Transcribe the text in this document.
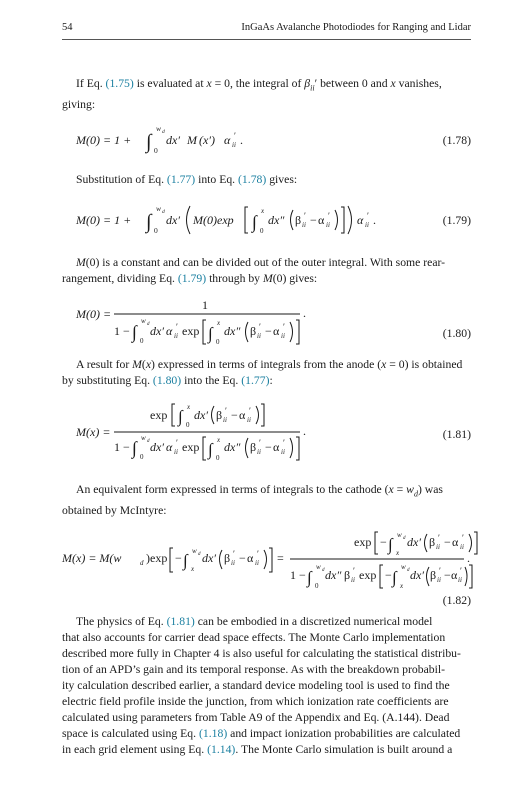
54	InGaAs Avalanche Photodiodes for Ranging and Lidar

If Eq. (1.75) is evaluated at x = 0, the integral of $\beta_{ii}'$ between 0 and x vanishes,
giving:

M(0) = 1 + ∫
w d
0
dx′ M (x′) α ii
′ .	(1.78)

Substitution of Eq. (1.77) into Eq. (1.78) gives:

M(0) = 1 + ∫
w d
0
dx′ M(0)exp ∫
x
0
dx″ β ii
′ − α ii
′ α ii
′ .	(1.79)

M(0) is a constant and can be divided out of the outer integral. With some rear-
rangement, dividing Eq. (1.79) through by M(0) gives:

M(0) =
1
.
1 − ∫
w d
0
dx′ α ii
′ exp ∫
x
0
dx″ β ii
′ − α ii
′	(1.80)

A result for M(x) expressed in terms of integrals from the anode (x = 0) is obtained
by substituting Eq. (1.80) into the Eq. (1.77):

M(x) =
exp ∫ x
0
dx′ β ii
′ − α ii
′
.
1 − ∫ w d
0
dx′ α ii
′ exp ∫ x
0
dx″ β ii
′ − α ii
′
(1.81)

An equivalent form expressed in terms of integrals to the cathode $(x = w_d)$ was
obtained by McIntyre:

M(x) = M(w	d )exp − ∫ w d
x
dx′ β ii
′ − α ii
′ =
exp − ∫ w d
x
dx′ β ii
′ − α ii
′
.
1 − ∫
w d
0
dx″ β ii
′ exp − ∫
w d
x
dx′ β ii
′ − α ii
′
(1.82)
The physics of Eq. (1.81) can be embodied in a discretized numerical model
that also accounts for carrier dead space effects. The Monte Carlo implementation
described more fully in Chapter 4 is also useful for calculating the statistical distribu-
tion of an APD’s gain and its temporal response. As with the breakdown probabil-
ity calculation described earlier, a standard device modeling tool is used to find the
electric field profile inside the junction, from which ionization rate coefficients are
calculated using parameters from Table A9 of the Appendix and Eq. (A.144). Dead
space is calculated using Eq. (1.18) and impact ionization probabilities are calculated
in each grid element using Eq. (1.14). The Monte Carlo simulation is built around a
